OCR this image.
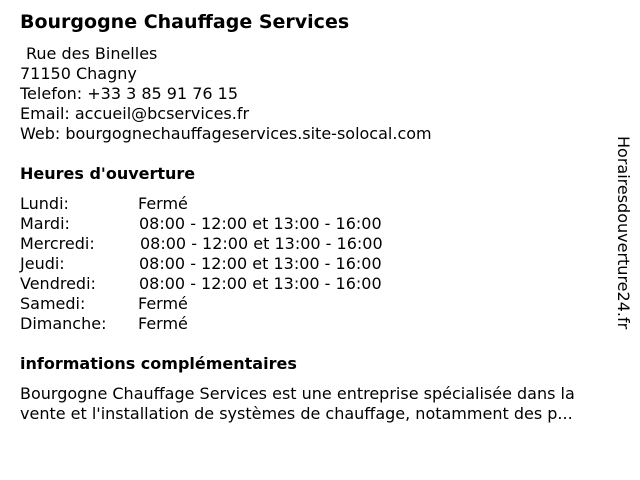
Bourgogne Chauffage Services
Rue des Binelles
71150 Chagny
Telefon: +33 3 85 91 76 15
Email: accueil@bcservices.fr
Web: bourgognechauffageservices.site-solocal.com
Heures d'ouverture
Lundi:	Fermé
Mardi:	08:00 - 12:00 et 13:00 - 16:00
Mercredi:	08:00 - 12:00 et 13:00 - 16:00
Jeudi:	08:00 - 12:00 et 13:00 - 16:00
Vendredi:	08:00 - 12:00 et 13:00 - 16:00
Samedi:	Fermé
Dimanche: Fermé
informations complémentaires
Bourgogne Chauffage Services est une entreprise spécialisée dans la
vente et l'installation de systèmes de chauffage, notamment des p...
Horairesdouverture24.fr
